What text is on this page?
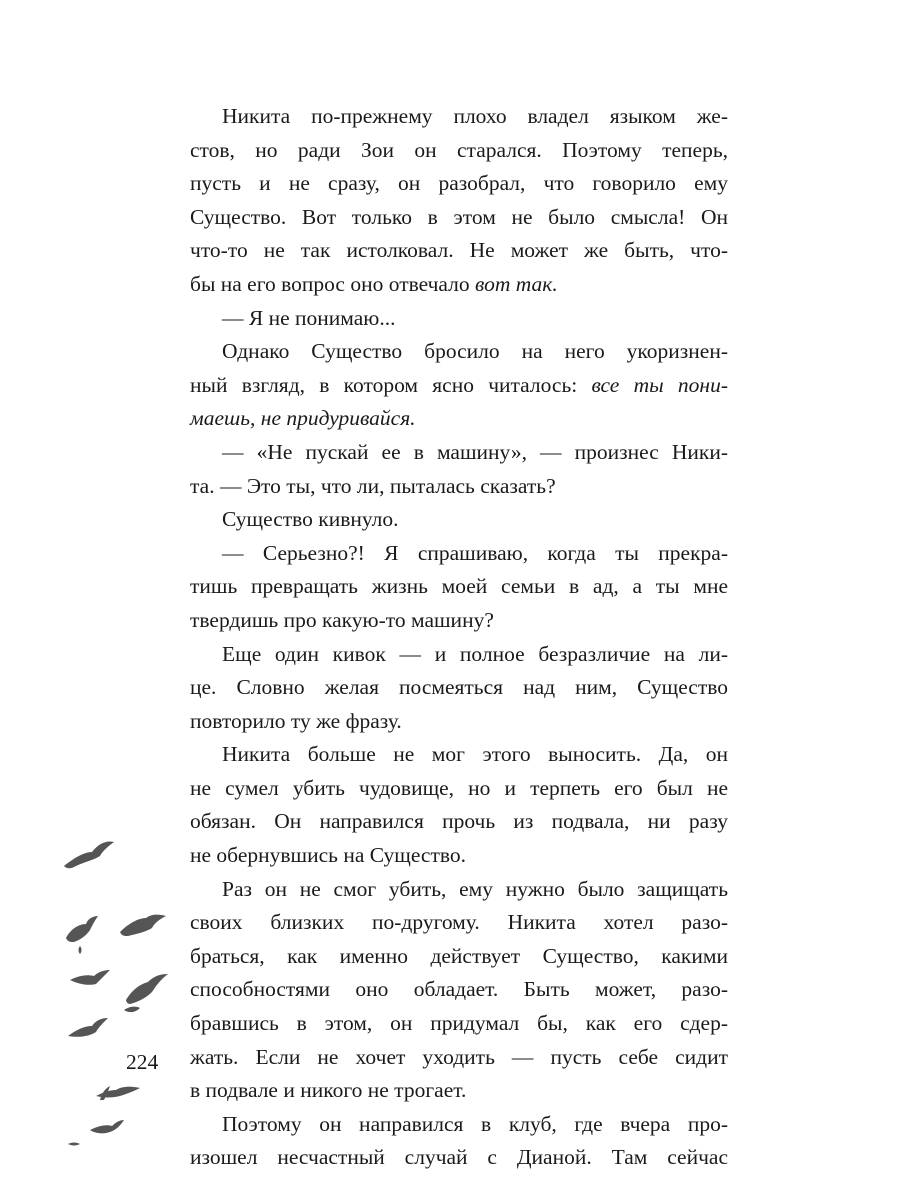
Никита по-прежнему плохо владел языком же-
стов, но ради Зои он старался. Поэтому теперь,
пусть и не сразу, он разобрал, что говорило ему
Существо. Вот только в этом не было смысла! Он
что-то не так истолковал. Не может же быть, что-
бы на его вопрос оно отвечало вот так.
— Я не понимаю...
Однако Существо бросило на него укоризнен-
ный взгляд, в котором ясно читалось: все ты пони-
маешь, не придуривайся.
— «Не пускай ее в машину», — произнес Ники-
та. — Это ты, что ли, пыталась сказать?
Существо кивнуло.
— Серьезно?! Я спрашиваю, когда ты прекра-
тишь превращать жизнь моей семьи в ад, а ты мне
твердишь про какую-то машину?
Еще один кивок — и полное безразличие на ли-
це. Словно желая посмеяться над ним, Существо
повторило ту же фразу.
Никита больше не мог этого выносить. Да, он
не сумел убить чудовище, но и терпеть его был не
обязан. Он направился прочь из подвала, ни разу
не обернувшись на Существо.
Раз он не смог убить, ему нужно было защищать
своих близких по-другому. Никита хотел разо-
браться, как именно действует Существо, какими
способностями оно обладает. Быть может, разо-
бравшись в этом, он придумал бы, как его сдер-
жать. Если не хочет уходить — пусть себе сидит
в подвале и никого не трогает.
Поэтому он направился в клуб, где вчера про-
изошел несчастный случай с Дианой. Там сейчас
224
